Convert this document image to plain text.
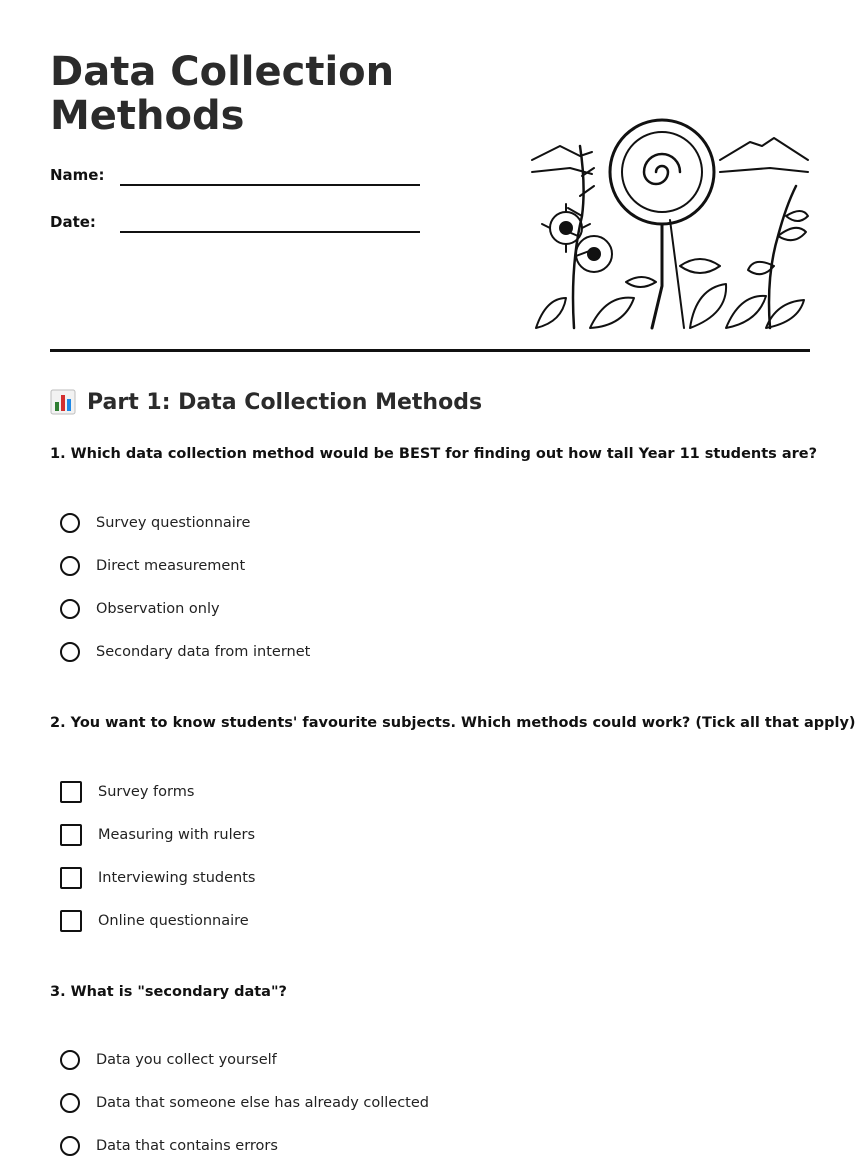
Data Collection
Methods
Name:
Date:
Part 1: Data Collection Methods

1. Which data collection method would be BEST for finding out how tall Year 11 students are?

Survey questionnaire
Direct measurement
Observation only
Secondary data from internet

2. You want to know students' favourite subjects. Which methods could work? (Tick all that apply)

Survey forms
Measuring with rulers
Interviewing students
Online questionnaire

3. What is "secondary data"?

Data you collect yourself
Data that someone else has already collected
Data that contains errors
